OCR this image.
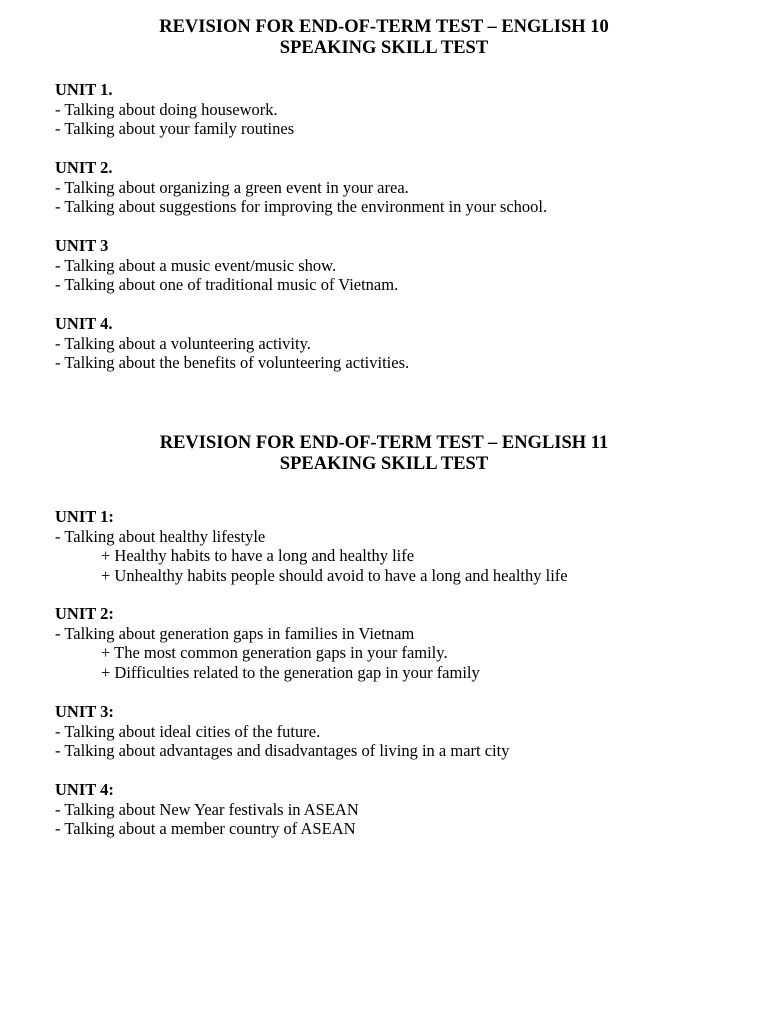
REVISION FOR END-OF-TERM TEST – ENGLISH 10
SPEAKING SKILL TEST
UNIT 1.
- Talking about doing housework.
- Talking about your family routines
UNIT 2.
- Talking about organizing a green event in your area.
- Talking about suggestions for improving the environment in your school.
UNIT 3
- Talking about a music event/music show.
- Talking about one of traditional music of Vietnam.
UNIT 4.
- Talking about a volunteering activity.
- Talking about the benefits of volunteering activities.
REVISION FOR END-OF-TERM TEST – ENGLISH 11
SPEAKING SKILL TEST
UNIT 1:
- Talking about healthy lifestyle
+ Healthy habits to have a long and healthy life
+ Unhealthy habits people should avoid to have a long and healthy life
UNIT 2:
- Talking about generation gaps in families in Vietnam
+ The most common generation gaps in your family.
+ Difficulties related to the generation gap in your family
UNIT 3:
- Talking about ideal cities of the future.
- Talking about advantages and disadvantages of living in a mart city
UNIT 4:
- Talking about New Year festivals in ASEAN
- Talking about a member country of ASEAN
